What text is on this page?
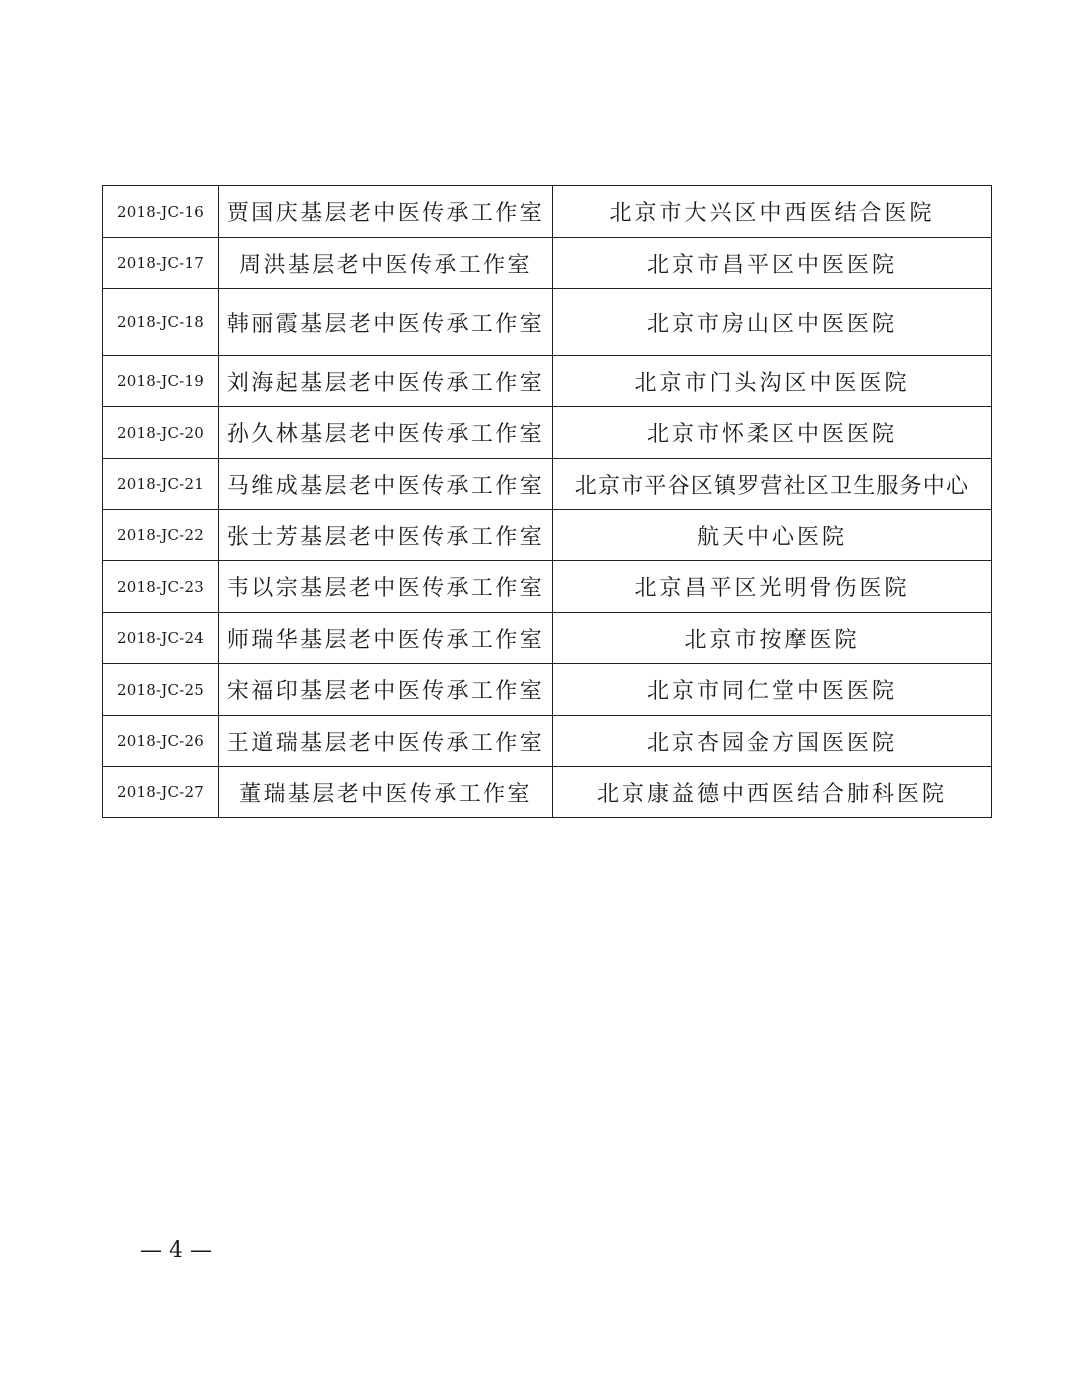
2018-JC-16	贾国庆基层老中医传承工作室	北京市大兴区中西医结合医院
2018-JC-17	周洪基层老中医传承工作室	北京市昌平区中医医院
2018-JC-18	韩丽霞基层老中医传承工作室	北京市房山区中医医院
2018-JC-19	刘海起基层老中医传承工作室	北京市门头沟区中医医院
2018-JC-20	孙久林基层老中医传承工作室	北京市怀柔区中医医院
2018-JC-21	马维成基层老中医传承工作室	北京市平谷区镇罗营社区卫生服务中心
2018-JC-22	张士芳基层老中医传承工作室	航天中心医院
2018-JC-23	韦以宗基层老中医传承工作室	北京昌平区光明骨伤医院
2018-JC-24	师瑞华基层老中医传承工作室	北京市按摩医院
2018-JC-25	宋福印基层老中医传承工作室	北京市同仁堂中医医院
2018-JC-26	王道瑞基层老中医传承工作室	北京杏园金方国医医院
2018-JC-27	董瑞基层老中医传承工作室	北京康益德中西医结合肺科医院
— 4 —
